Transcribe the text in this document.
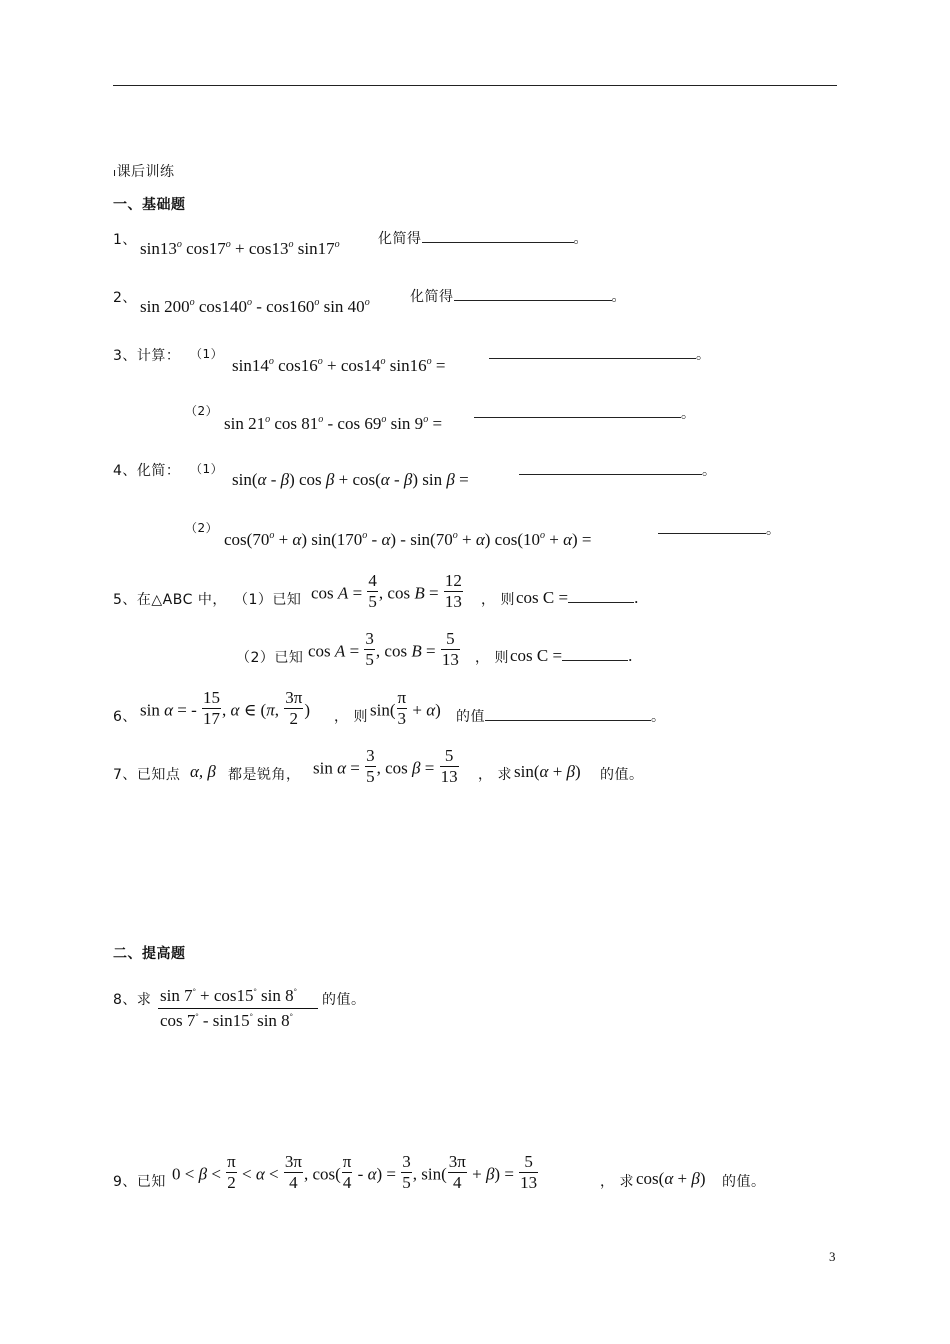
ı课后训练
一、基础题
1、 sin13$^o$ $\cos 17^o + \cos 13^o$ sin17$^o$	化简得	。
2、 sin 200$^o$ cos140$^o$ - cos160$^o$ sin 40$^o$	化简得	。
3、计算： （1）
sin14$^o$ $\cos 16^o + \cos 14^o$ $\sin 16^o$ =
。
（2）
sin 21$^o$ cos 81$^o$ - cos 69$^o$ $\sin 9^o$ =	。
4、化简： （1）
sin(α - β) cos β + cos(α - β) sin β =	。
（2）
$\cos(70^o + \alpha)$ $\sin(170^o - \alpha) - \sin(70^o + \alpha) \cos(10^o + \alpha)$ =	。
5、在△ABC 中， （1）已知 $\cos A = \frac{4}{5}$ , $\cos B = \frac{12}{13}$ ， 则 cos C =	.
（2）已知 $\cos A = \frac{3}{5}$ , $\cos B = \frac{5}{13}$ ， 则 cos C =	.
6、 sin α = - $\frac{15}{17}$ , α ∈ (π, $\frac{3\pi}{2}$ ) ， 则 $\sin( \frac{\pi}{3} + \alpha)$ 的值	。
7、已知点 α, β 都是锐角， $\sin \alpha = \frac{3}{5}$ , $\cos \beta = \frac{5}{13}$ ， 求 sin(α + β) 的值。
二、提高题
8、求 $\frac{\sin 7^\circ + \cos 15^\circ \sin 8^\circ}{\cos 7^\circ - \sin 15^\circ \sin 8^\circ}$ 的值。
9、已知 $0 < \beta < \frac{\pi}{2} < \alpha < \frac{3\pi}{4}$ , $\cos( \frac{\pi}{4} - \alpha) = \frac{3}{5}$ , $\sin( \frac{3\pi}{4} + \beta) = \frac{5}{13}$	， 求 cos(α + β) 的值。
3
